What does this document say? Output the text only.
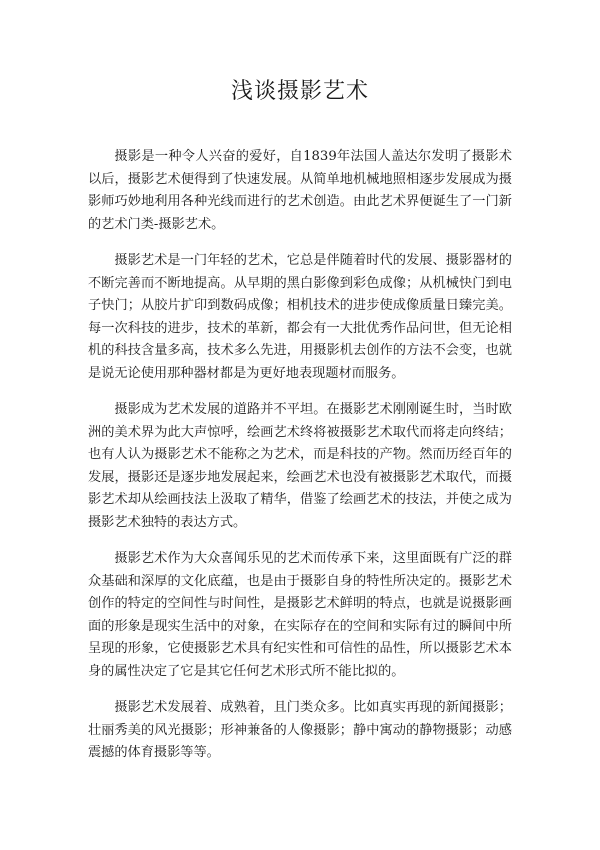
浅谈摄影艺术

摄影是一种令人兴奋的爱好，自1839年法国人盖达尔发明了摄影术以后，摄影艺术便得到了快速发展。从简单地机械地照相逐步发展成为摄影师巧妙地利用各种光线而进行的艺术创造。由此艺术界便诞生了一门新的艺术门类-摄影艺术。

摄影艺术是一门年轻的艺术，它总是伴随着时代的发展、摄影器材的不断完善而不断地提高。从早期的黑白影像到彩色成像；从机械快门到电子快门；从胶片扩印到数码成像；相机技术的进步使成像质量日臻完美。每一次科技的进步，技术的革新，都会有一大批优秀作品问世，但无论相机的科技含量多高，技术多么先进，用摄影机去创作的方法不会变，也就是说无论使用那种器材都是为更好地表现题材而服务。

摄影成为艺术发展的道路并不平坦。在摄影艺术刚刚诞生时，当时欧洲的美术界为此大声惊呼，绘画艺术终将被摄影艺术取代而将走向终结；也有人认为摄影艺术不能称之为艺术，而是科技的产物。然而历经百年的发展，摄影还是逐步地发展起来，绘画艺术也没有被摄影艺术取代，而摄影艺术却从绘画技法上汲取了精华，借鉴了绘画艺术的技法，并使之成为摄影艺术独特的表达方式。

摄影艺术作为大众喜闻乐见的艺术而传承下来，这里面既有广泛的群众基础和深厚的文化底蕴，也是由于摄影自身的特性所决定的。摄影艺术创作的特定的空间性与时间性，是摄影艺术鲜明的特点，也就是说摄影画面的形象是现实生活中的对象，在实际存在的空间和实际有过的瞬间中所呈现的形象，它使摄影艺术具有纪实性和可信性的品性，所以摄影艺术本身的属性决定了它是其它任何艺术形式所不能比拟的。

摄影艺术发展着、成熟着，且门类众多。比如真实再现的新闻摄影；壮丽秀美的风光摄影；形神兼备的人像摄影；静中寓动的静物摄影；动感震撼的体育摄影等等。
